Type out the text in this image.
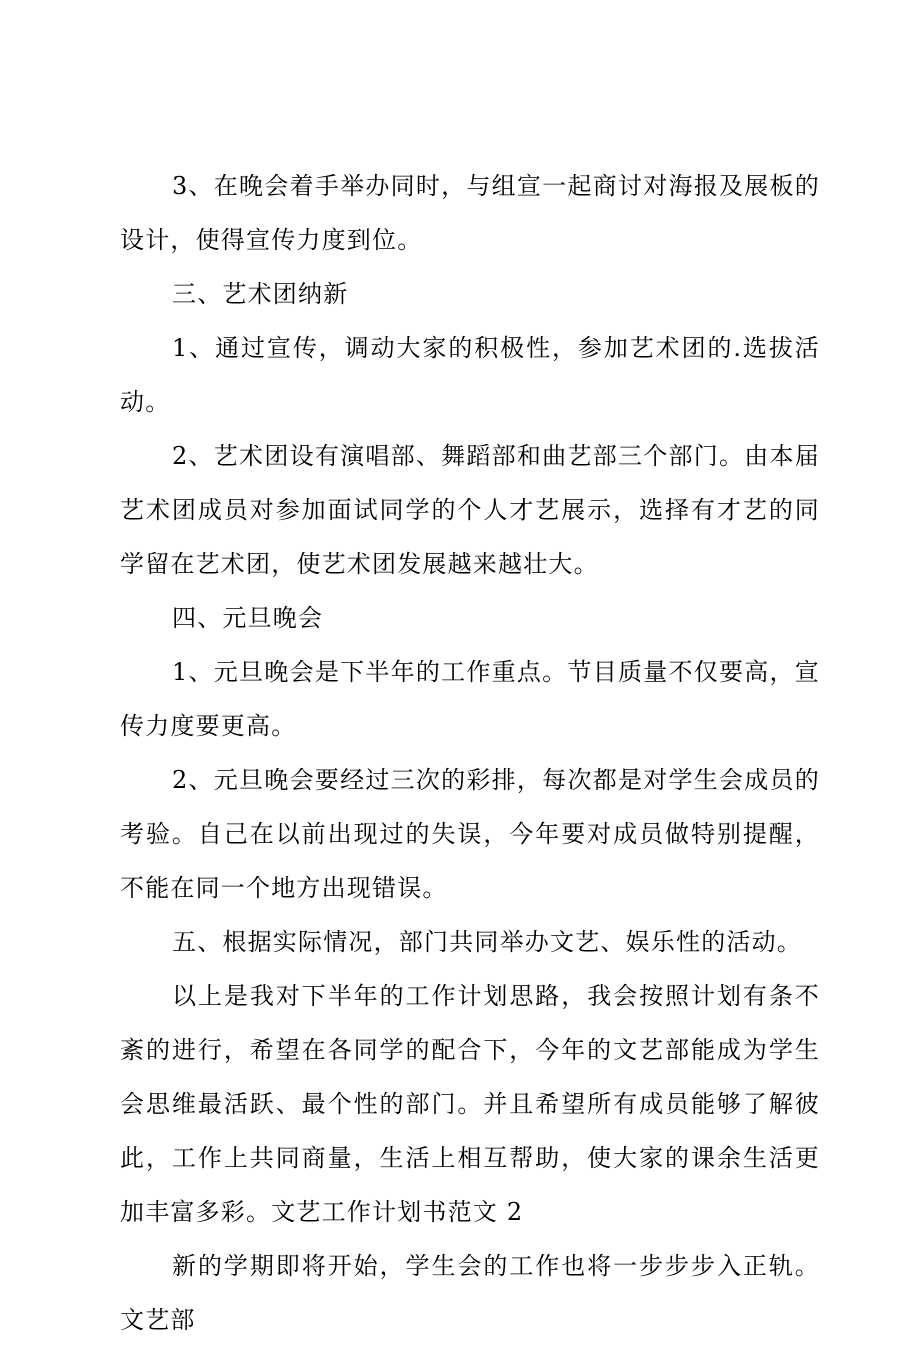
3、在晚会着手举办同时，与组宣一起商讨对海报及展板的设计，使得宣传力度到位。

三、艺术团纳新

1、通过宣传，调动大家的积极性，参加艺术团的.选拔活动。

2、艺术团设有演唱部、舞蹈部和曲艺部三个部门。由本届艺术团成员对参加面试同学的个人才艺展示，选择有才艺的同学留在艺术团，使艺术团发展越来越壮大。

四、元旦晚会

1、元旦晚会是下半年的工作重点。节目质量不仅要高，宣传力度要更高。

2、元旦晚会要经过三次的彩排，每次都是对学生会成员的考验。自己在以前出现过的失误，今年要对成员做特别提醒，不能在同一个地方出现错误。

五、根据实际情况，部门共同举办文艺、娱乐性的活动。

以上是我对下半年的工作计划思路，我会按照计划有条不紊的进行，希望在各同学的配合下，今年的文艺部能成为学生会思维最活跃、最个性的部门。并且希望所有成员能够了解彼此，工作上共同商量，生活上相互帮助，使大家的课余生活更加丰富多彩。文艺工作计划书范文 2

新的学期即将开始，学生会的工作也将一步步步入正轨。文艺部
